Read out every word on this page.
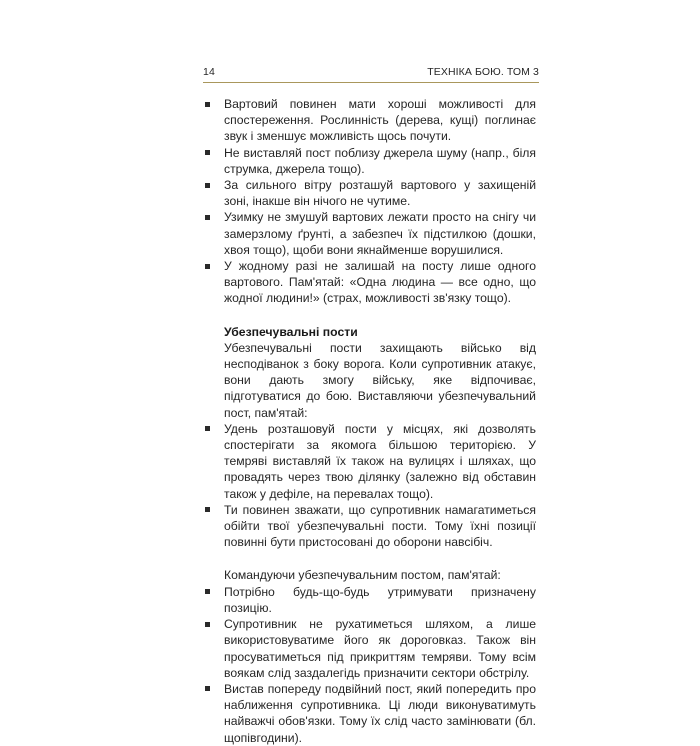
14	ТЕХНІКА БОЮ. ТОМ 3
Вартовий повинен мати хороші можливості для спостереження. Рослинність (дерева, кущі) поглинає звук і зменшує можливість щось почути.
Не виставляй пост поблизу джерела шуму (напр., біля струмка, джерела тощо).
За сильного вітру розташуй вартового у захищеній зоні, інакше він нічого не чутиме.
Узимку не змушуй вартових лежати просто на снігу чи замерзлому ґрунті, а забезпеч їх підстилкою (дошки, хвоя тощо), щоби вони якнайменше ворушилися.
У жодному разі не залишай на посту лише одного вартового. Пам'ятай: «Одна людина — все одно, що жодної людини!» (страх, можливості зв'язку тощо).
Убезпечувальні пости
Убезпечувальні пости захищають військо від несподіванок з боку ворога. Коли супротивник атакує, вони дають змогу війську, яке відпочиває, підготуватися до бою. Виставляючи убезпечувальний пост, пам'ятай:
Удень розташовуй пости у місцях, які дозволять спостерігати за якомога більшою територією. У темряві виставляй їх також на вулицях і шляхах, що провадять через твою ділянку (залежно від обставин також у дефіле, на перевалах тощо).
Ти повинен зважати, що супротивник намагатиметься обійти твої убезпечувальні пости. Тому їхні позиції повинні бути пристосовані до оборони навсібіч.
Командуючи убезпечувальним постом, пам'ятай:
Потрібно будь-що-будь утримувати призначену позицію.
Супротивник не рухатиметься шляхом, а лише використовуватиме його як дороговказ. Також він просуватиметься під прикриттям темряви. Тому всім воякам слід заздалегідь призначити сектори обстрілу.
Вистав попереду подвійний пост, який попередить про наближення супротивника. Ці люди виконуватимуть найважчі обов'язки. Тому їх слід часто замінювати (бл. щопівгодини).
